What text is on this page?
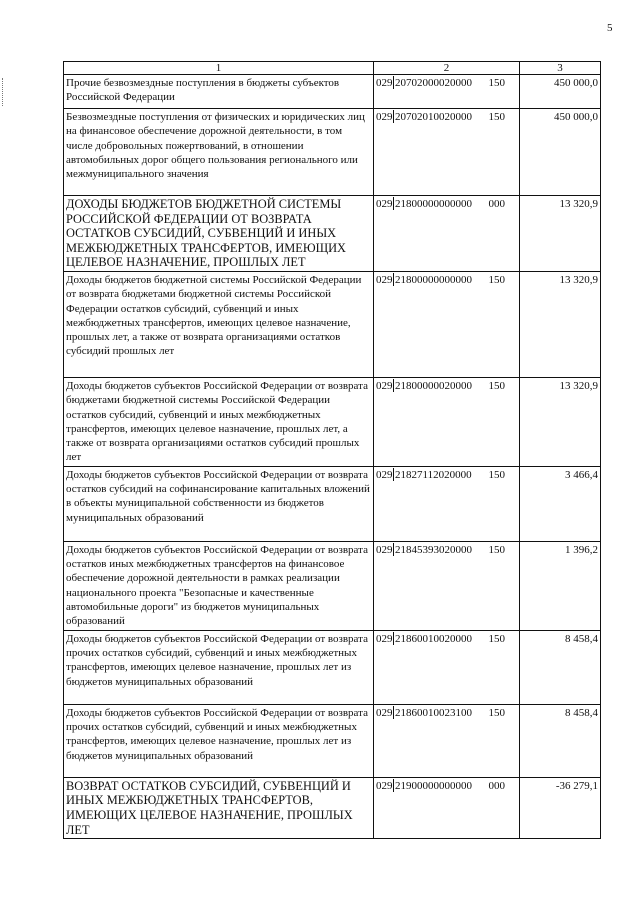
5
1	2	3
Прочие безвозмездные поступления в бюджеты субъектов Российской Федерации	029 20702000020000 150	450 000,0
Безвозмездные поступления от физических и юридических лиц на финансовое обеспечение дорожной деятельности, в том числе добровольных пожертвований, в отношении автомобильных дорог общего пользования регионального или межмуниципального значения	029 20702010020000 150	450 000,0
ДОХОДЫ БЮДЖЕТОВ БЮДЖЕТНОЙ СИСТЕМЫ РОССИЙСКОЙ ФЕДЕРАЦИИ ОТ ВОЗВРАТА ОСТАТКОВ СУБСИДИЙ, СУБВЕНЦИЙ И ИНЫХ МЕЖБЮДЖЕТНЫХ ТРАНСФЕРТОВ, ИМЕЮЩИХ ЦЕЛЕВОЕ НАЗНАЧЕНИЕ, ПРОШЛЫХ ЛЕТ	029 21800000000000 000	13 320,9
Доходы бюджетов бюджетной системы Российской Федерации от возврата бюджетами бюджетной системы Российской Федерации остатков субсидий, субвенций и иных межбюджетных трансфертов, имеющих целевое назначение, прошлых лет, а также от возврата организациями остатков субсидий прошлых лет	029 21800000000000 150	13 320,9
Доходы бюджетов субъектов Российской Федерации от возврата бюджетами бюджетной системы Российской Федерации остатков субсидий, субвенций и иных межбюджетных трансфертов, имеющих целевое назначение, прошлых лет, а также от возврата организациями остатков субсидий прошлых лет	029 21800000020000 150	13 320,9
Доходы бюджетов субъектов Российской Федерации от возврата остатков субсидий на софинансирование капитальных вложений в объекты муниципальной собственности из бюджетов муниципальных образований	029 21827112020000 150	3 466,4
Доходы бюджетов субъектов Российской Федерации от возврата остатков иных межбюджетных трансфертов на финансовое обеспечение дорожной деятельности в рамках реализации национального проекта "Безопасные и качественные автомобильные дороги" из бюджетов муниципальных образований	029 21845393020000 150	1 396,2
Доходы бюджетов субъектов Российской Федерации от возврата прочих остатков субсидий, субвенций и иных межбюджетных трансфертов, имеющих целевое назначение, прошлых лет из бюджетов муниципальных образований	029 21860010020000 150	8 458,4
Доходы бюджетов субъектов Российской Федерации от возврата прочих остатков субсидий, субвенций и иных межбюджетных трансфертов, имеющих целевое назначение, прошлых лет из бюджетов муниципальных образований	029 21860010023100 150	8 458,4
ВОЗВРАТ ОСТАТКОВ СУБСИДИЙ, СУБВЕНЦИЙ И ИНЫХ МЕЖБЮДЖЕТНЫХ ТРАНСФЕРТОВ, ИМЕЮЩИХ ЦЕЛЕВОЕ НАЗНАЧЕНИЕ, ПРОШЛЫХ ЛЕТ	029 21900000000000 000	-36 279,1
